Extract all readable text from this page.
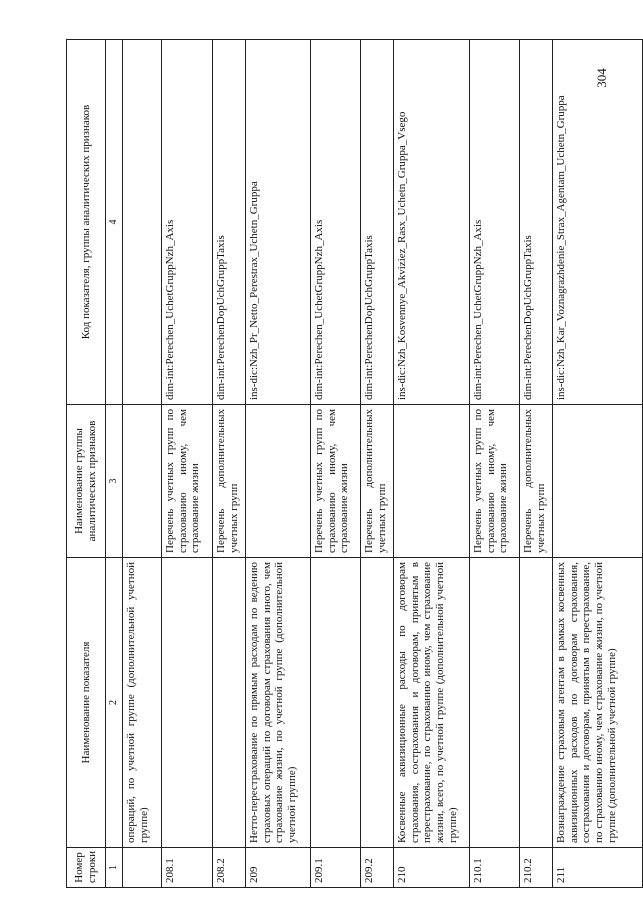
304
Номер строки	Наименование показателя	Наименование группы аналитических признаков	Код показателя, группы аналитических признаков
1	2	3	4
	операций, по учетной группе (дополнительной учетной группе)		
208.1		Перечень учетных групп по страхованию иному, чем страхование жизни	dim-int:Perechen_UchetGruppNzh_Axis
208.2		Перечень дополнительных учетных групп	dim-int:PerechenDopUchGruppTaxis
209	Нетто-перестрахование по прямым расходам по ведению страховых операций по договорам страхования иного, чем страхование жизни, по учетной группе (дополнительной учетной группе)		ins-dic:Nzh_Pr_Netto_Perestrax_Uchetn_Gruppa
209.1		Перечень учетных групп по страхованию иному, чем страхование жизни	dim-int:Perechen_UchetGruppNzh_Axis
209.2		Перечень дополнительных учетных групп	dim-int:PerechenDopUchGruppTaxis
210	Косвенные аквизиционные расходы по договорам страхования, сострахования и договорам, принятым в перестрахование, по страхованию иному, чем страхование жизни, всего, по учетной группе (дополнительной учетной группе)		ins-dic:Nzh_Kosvennye_Akviziez_Rasx_Uchetn_Gruppa_Vsego
210.1		Перечень учетных групп по страхованию иному, чем страхование жизни	dim-int:Perechen_UchetGruppNzh_Axis
210.2		Перечень дополнительных учетных групп	dim-int:PerechenDopUchGruppTaxis
211	Вознаграждение страховым агентам в рамках косвенных аквизиционных расходов по договорам страхования, сострахования и договорам, принятым в перестрахование, по страхованию иному, чем страхование жизни, по учетной группе (дополнительной учетной группе)		ins-dic:Nzh_Kar_Voznagrazhdenie_Strax_Agentam_Uchetn_Gruppa
